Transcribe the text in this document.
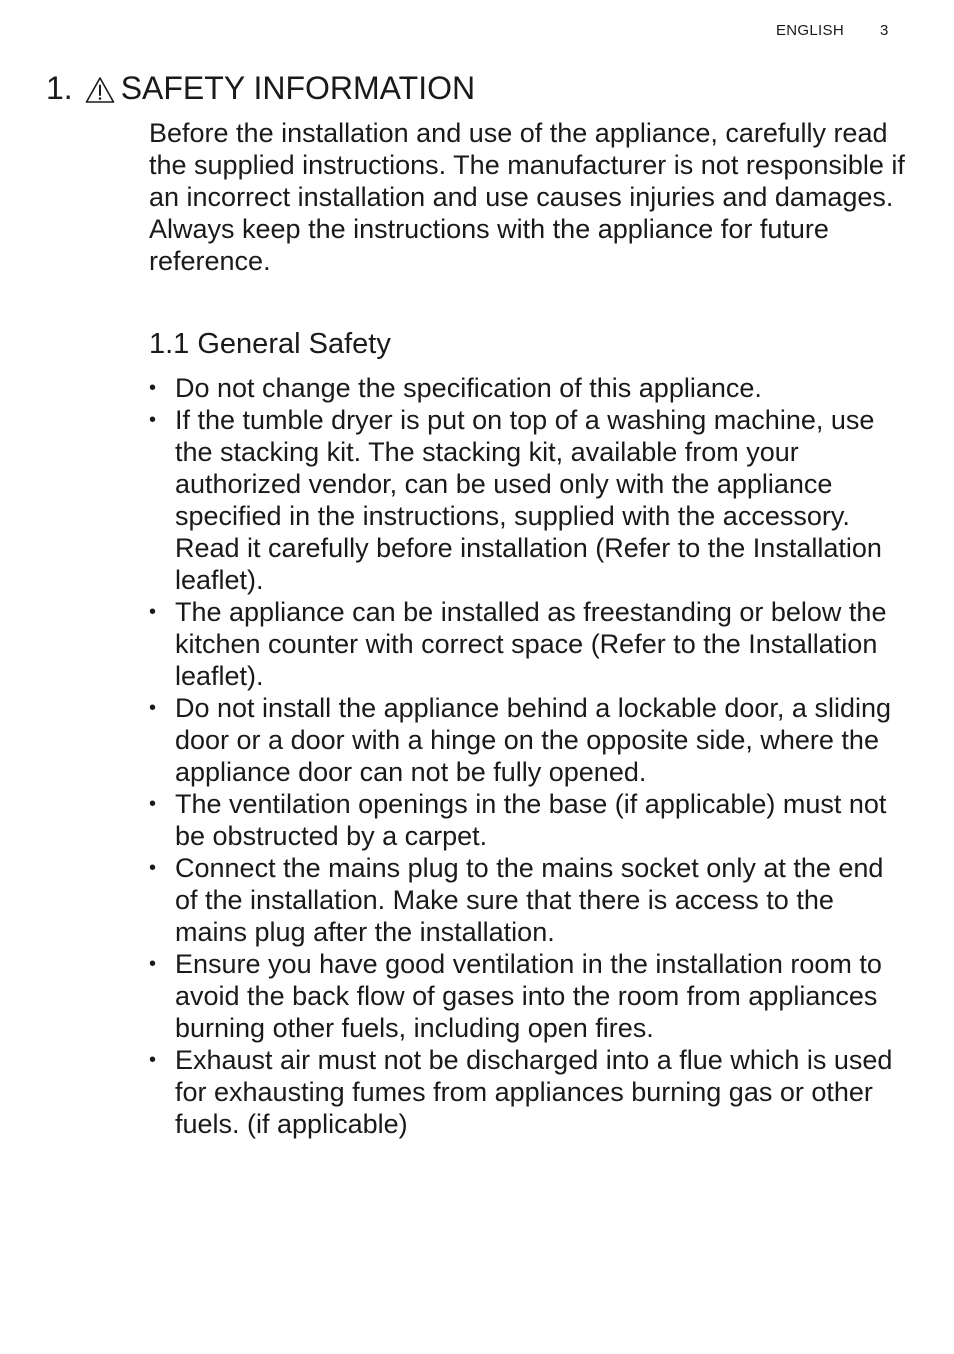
ENGLISH 3
1. SAFETY INFORMATION

Before the installation and use of the appliance, carefully read the supplied instructions. The manufacturer is not responsible if an incorrect installation and use causes injuries and damages. Always keep the instructions with the appliance for future reference.

1.1 General Safety
• Do not change the specification of this appliance.
• If the tumble dryer is put on top of a washing machine, use the stacking kit. The stacking kit, available from your authorized vendor, can be used only with the appliance specified in the instructions, supplied with the accessory. Read it carefully before installation (Refer to the Installation leaflet).
• The appliance can be installed as freestanding or below the kitchen counter with correct space (Refer to the Installation leaflet).
• Do not install the appliance behind a lockable door, a sliding door or a door with a hinge on the opposite side, where the appliance door can not be fully opened.
• The ventilation openings in the base (if applicable) must not be obstructed by a carpet.
• Connect the mains plug to the mains socket only at the end of the installation. Make sure that there is access to the mains plug after the installation.
• Ensure you have good ventilation in the installation room to avoid the back flow of gases into the room from appliances burning other fuels, including open fires.
• Exhaust air must not be discharged into a flue which is used for exhausting fumes from appliances burning gas or other fuels. (if applicable)
